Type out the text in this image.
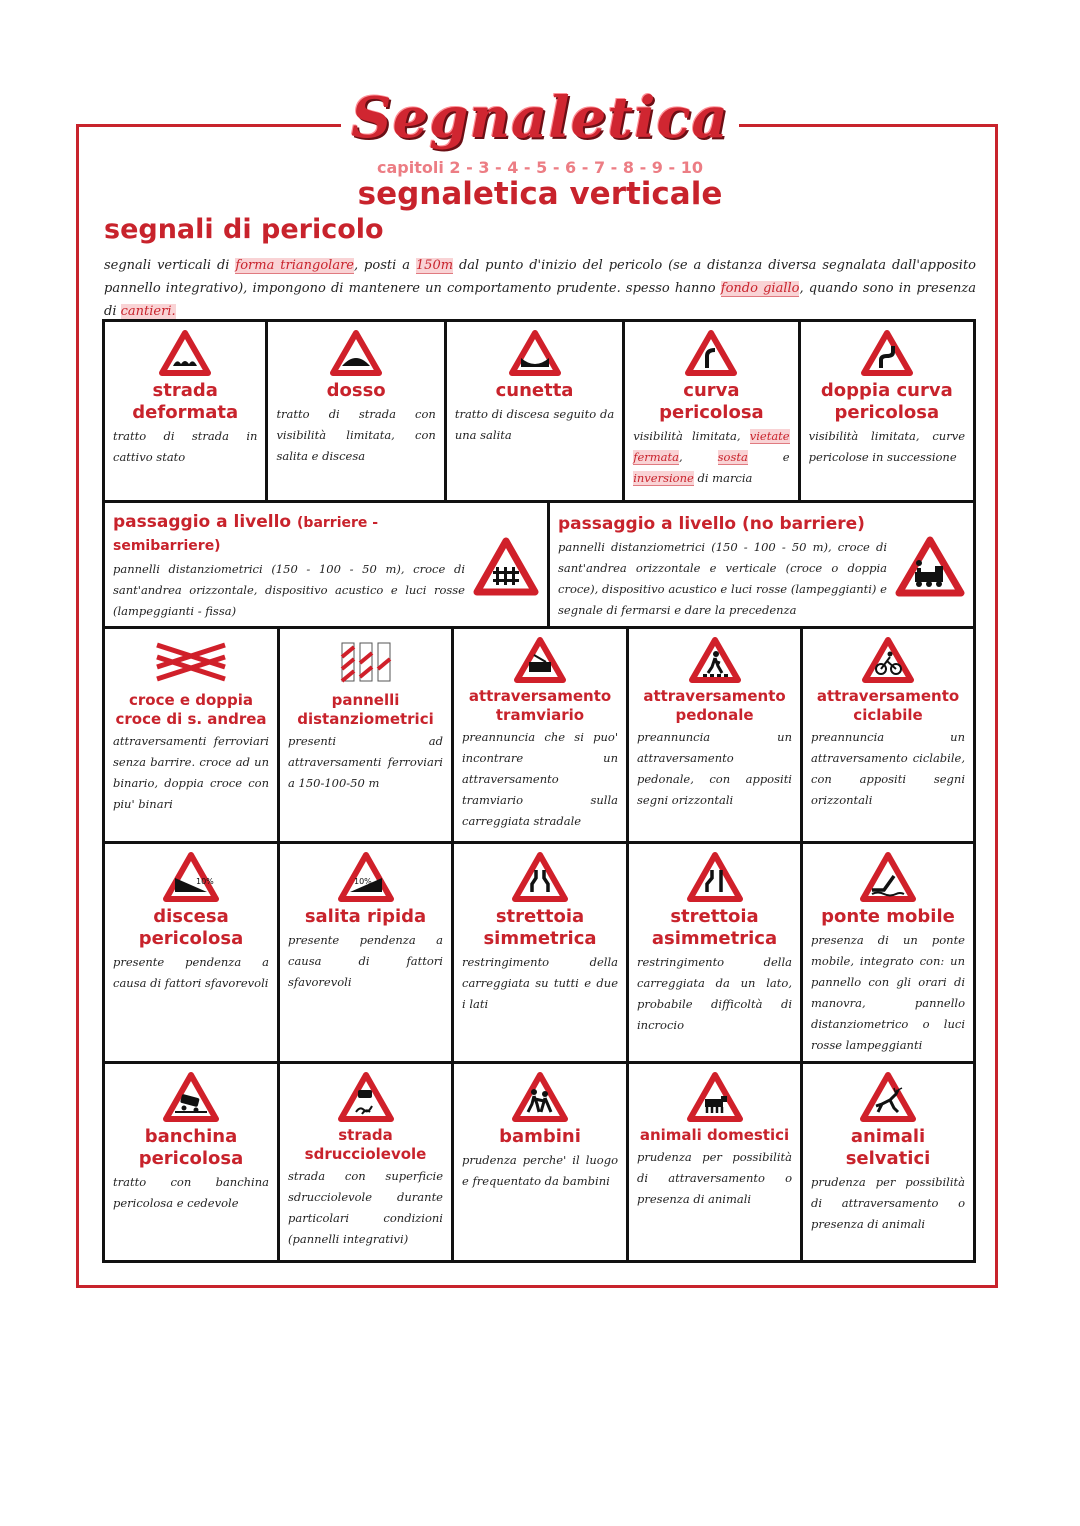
Segnaletica
capitoli 2 - 3 - 4 - 5 - 6 - 7 - 8 - 9 - 10
segnaletica verticale
segnali di pericolo
segnali verticali di forma triangolare, posti a 150m dal punto d'inizio del pericolo (se a distanza diversa segnalata dall'apposito pannello integrativo), impongono di mantenere un comportamento prudente. spesso hanno fondo giallo, quando sono in presenza di cantieri.
strada deformata
tratto di strada in cattivo stato
dosso
tratto di strada con visibilità limitata, con salita e discesa
cunetta
tratto di discesa seguito da una salita
curva pericolosa
visibilità limitata, vietate fermata, sosta e inversione di marcia
doppia curva pericolosa
visibilità limitata, curve pericolose in successione
passaggio a livello (barriere - semibarriere)
pannelli distanziometrici (150 - 100 - 50 m), croce di sant'andrea orizzontale, dispositivo acustico e luci rosse (lampeggianti - fissa)
passaggio a livello (no barriere)
pannelli distanziometrici (150 - 100 - 50 m), croce di sant'andrea orizzontale e verticale (croce o doppia croce), dispositivo acustico e luci rosse (lampeggianti) e segnale di fermarsi e dare la precedenza
croce e doppia croce di s. andrea
attraversamenti ferroviari senza barrire. croce ad un binario, doppia croce con piu' binari
pannelli distanziometrici
presenti ad attraversamenti ferroviari a 150-100-50 m
attraversamento tramviario
preannuncia che si puo' incontrare un attraversamento tramviario sulla carreggiata stradale
attraversamento pedonale
preannuncia un attraversamento pedonale, con appositi segni orizzontali
attraversamento ciclabile
preannuncia un attraversamento ciclabile, con appositi segni orizzontali
10%
discesa pericolosa
presente pendenza a causa di fattori sfavorevoli
10%
salita ripida
presente pendenza a causa di fattori sfavorevoli
strettoia simmetrica
restringimento della carreggiata su tutti e due i lati
strettoia asimmetrica
restringimento della carreggiata da un lato, probabile difficoltà di incrocio
ponte mobile
presenza di un ponte mobile, integrato con: un pannello con gli orari di manovra, pannello distanziometrico o luci rosse lampeggianti
banchina pericolosa
tratto con banchina pericolosa e cedevole
strada sdrucciolevole
strada con superficie sdrucciolevole durante particolari condizioni (pannelli integrativi)
bambini
prudenza perche' il luogo e frequentato da bambini
animali domestici
prudenza per possibilità di attraversamento o presenza di animali
animali selvatici
prudenza per possibilità di attraversamento o presenza di animali
